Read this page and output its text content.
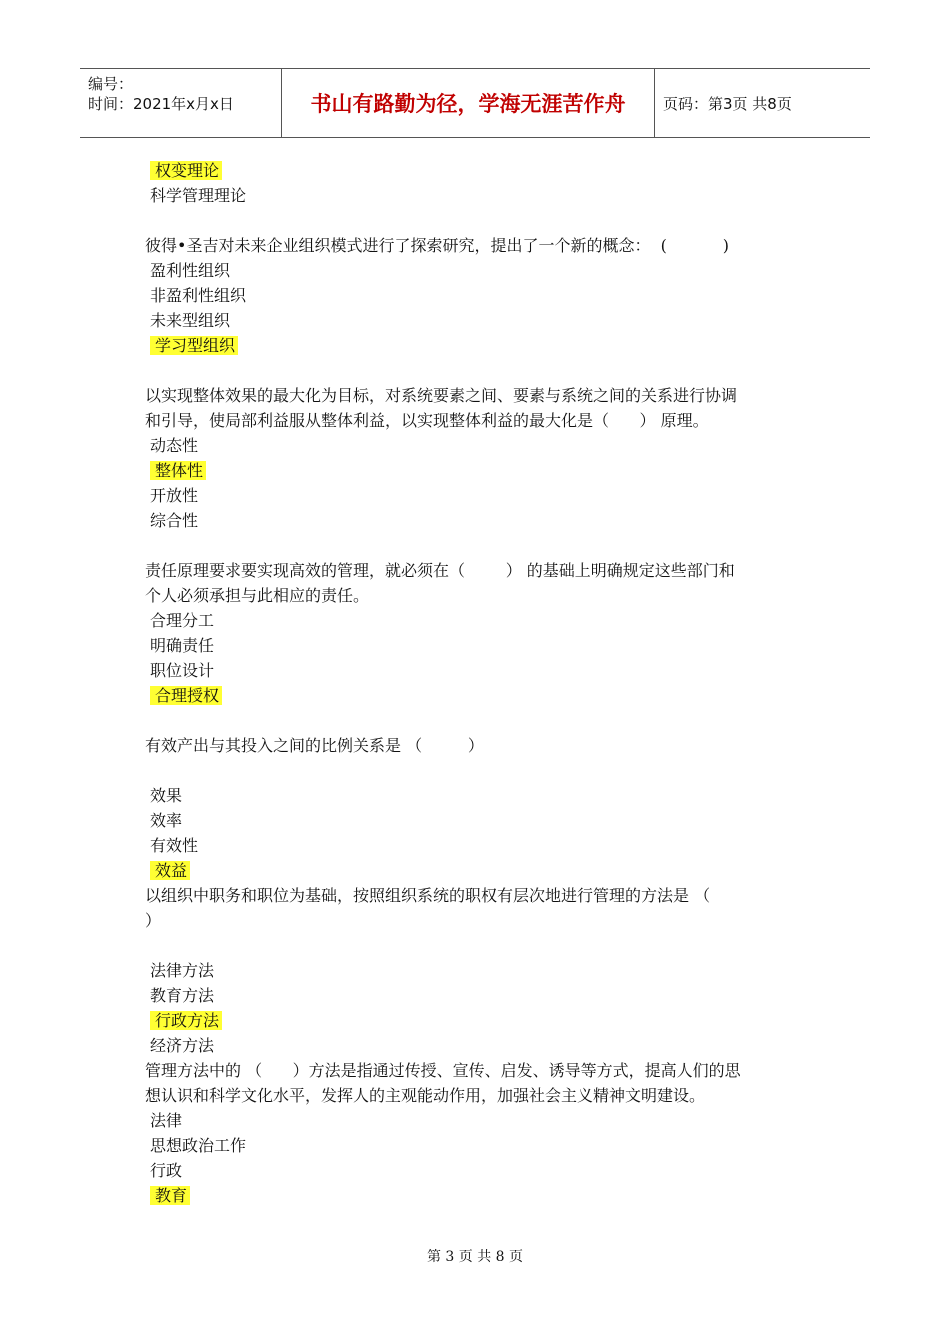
编号：
时间：2021年x月x日	书山有路勤为径，学海无涯苦作舟	页码：第3页 共8页
权变理论
科学管理理论
彼得•圣吉对未来企业组织模式进行了探索研究，提出了一个新的概念：  (           )
盈利性组织
非盈利性组织
未来型组织
学习型组织
以实现整体效果的最大化为目标，对系统要素之间、要素与系统之间的关系进行协调
和引导，使局部利益服从整体利益，以实现整体利益的最大化是（      ） 原理。
动态性
整体性
开放性
综合性
责任原理要求要实现高效的管理，就必须在（        ） 的基础上明确规定这些部门和
个人必须承担与此相应的责任。
合理分工
明确责任
职位设计
合理授权
有效产出与其投入之间的比例关系是 （         ）
效果
效率
有效性
效益
以组织中职务和职位为基础，按照组织系统的职权有层次地进行管理的方法是 （
）
法律方法
教育方法
行政方法
经济方法
管理方法中的 （      ）方法是指通过传授、宣传、启发、诱导等方式，提高人们的思
想认识和科学文化水平，发挥人的主观能动作用，加强社会主义精神文明建设。
法律
思想政治工作
行政
教育
第 3 页 共 8 页
